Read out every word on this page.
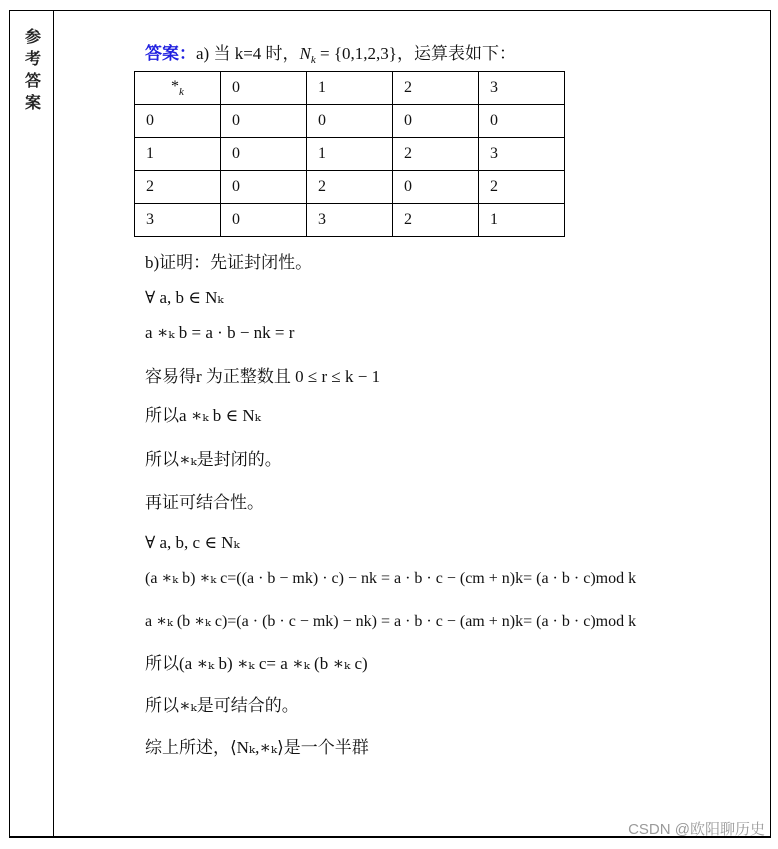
参
考
答
案
答案：a) 当 k=4 时，$N_k = \{0,1,2,3\}$，运算表如下：
$*_k$	0	1	2	3
0	0	0	0	0
1	0	1	2	3
2	0	2	0	2
3	0	3	2	1
b)证明：先证封闭性。
∀ a, b ∈ Nₖ
a ∗ₖ b = a · b − nk = r
容易得r 为正整数且 0 ≤ r ≤ k − 1
所以a ∗ₖ b ∈ Nₖ
所以∗ₖ是封闭的。
再证可结合性。
∀ a, b, c ∈ Nₖ
(a ∗ₖ b) ∗ₖ c=((a · b − mk) · c) − nk = a · b · c − (cm + n)k= (a · b · c)mod k
a ∗ₖ (b ∗ₖ c)=(a · (b · c − mk) − nk) = a · b · c − (am + n)k= (a · b · c)mod k
所以(a ∗ₖ b) ∗ₖ c= a ∗ₖ (b ∗ₖ c)
所以∗ₖ是可结合的。
综上所述，⟨Nₖ,∗ₖ⟩是一个半群
CSDN @欧阳聊历史
